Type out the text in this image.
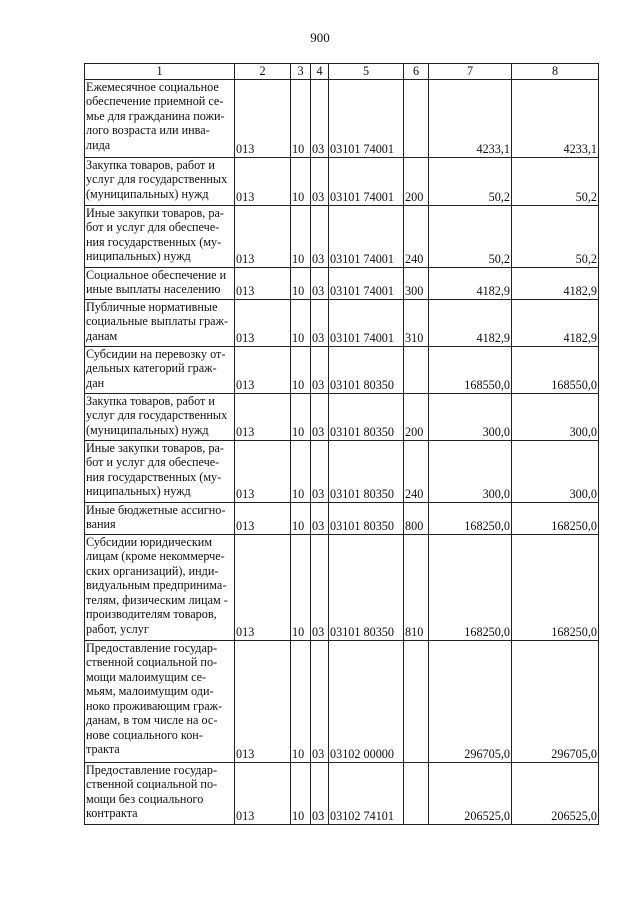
900
1	2	3	4	5	6	7	8
Ежемесячное социальное обеспечение приемной се-мье для гражданина пожи-лого возраста или инва-лида	013	10	03	03101 74001		4233,1	4233,1
Закупка товаров, работ и услуг для государственных (муниципальных) нужд	013	10	03	03101 74001	200	50,2	50,2
Иные закупки товаров, ра-бот и услуг для обеспече-ния государственных (му-ниципальных) нужд	013	10	03	03101 74001	240	50,2	50,2
Социальное обеспечение и иные выплаты населению	013	10	03	03101 74001	300	4182,9	4182,9
Публичные нормативные социальные выплаты граж-данам	013	10	03	03101 74001	310	4182,9	4182,9
Субсидии на перевозку от-дельных категорий граж-дан	013	10	03	03101 80350		168550,0	168550,0
Закупка товаров, работ и услуг для государственных (муниципальных) нужд	013	10	03	03101 80350	200	300,0	300,0
Иные закупки товаров, ра-бот и услуг для обеспече-ния государственных (му-ниципальных) нужд	013	10	03	03101 80350	240	300,0	300,0
Иные бюджетные ассигно-вания	013	10	03	03101 80350	800	168250,0	168250,0
Субсидии юридическим лицам (кроме некоммерче-ских организаций), инди-видуальным предпринима-телям, физическим лицам - производителям товаров, работ, услуг	013	10	03	03101 80350	810	168250,0	168250,0
Предоставление государ-ственной социальной по-мощи малоимущим се-мьям, малоимущим оди-ноко проживающим граж-данам, в том числе на ос-нове социального кон-тракта	013	10	03	03102 00000		296705,0	296705,0
Предоставление государ-ственной социальной по-мощи без социального контракта	013	10	03	03102 74101		206525,0	206525,0
